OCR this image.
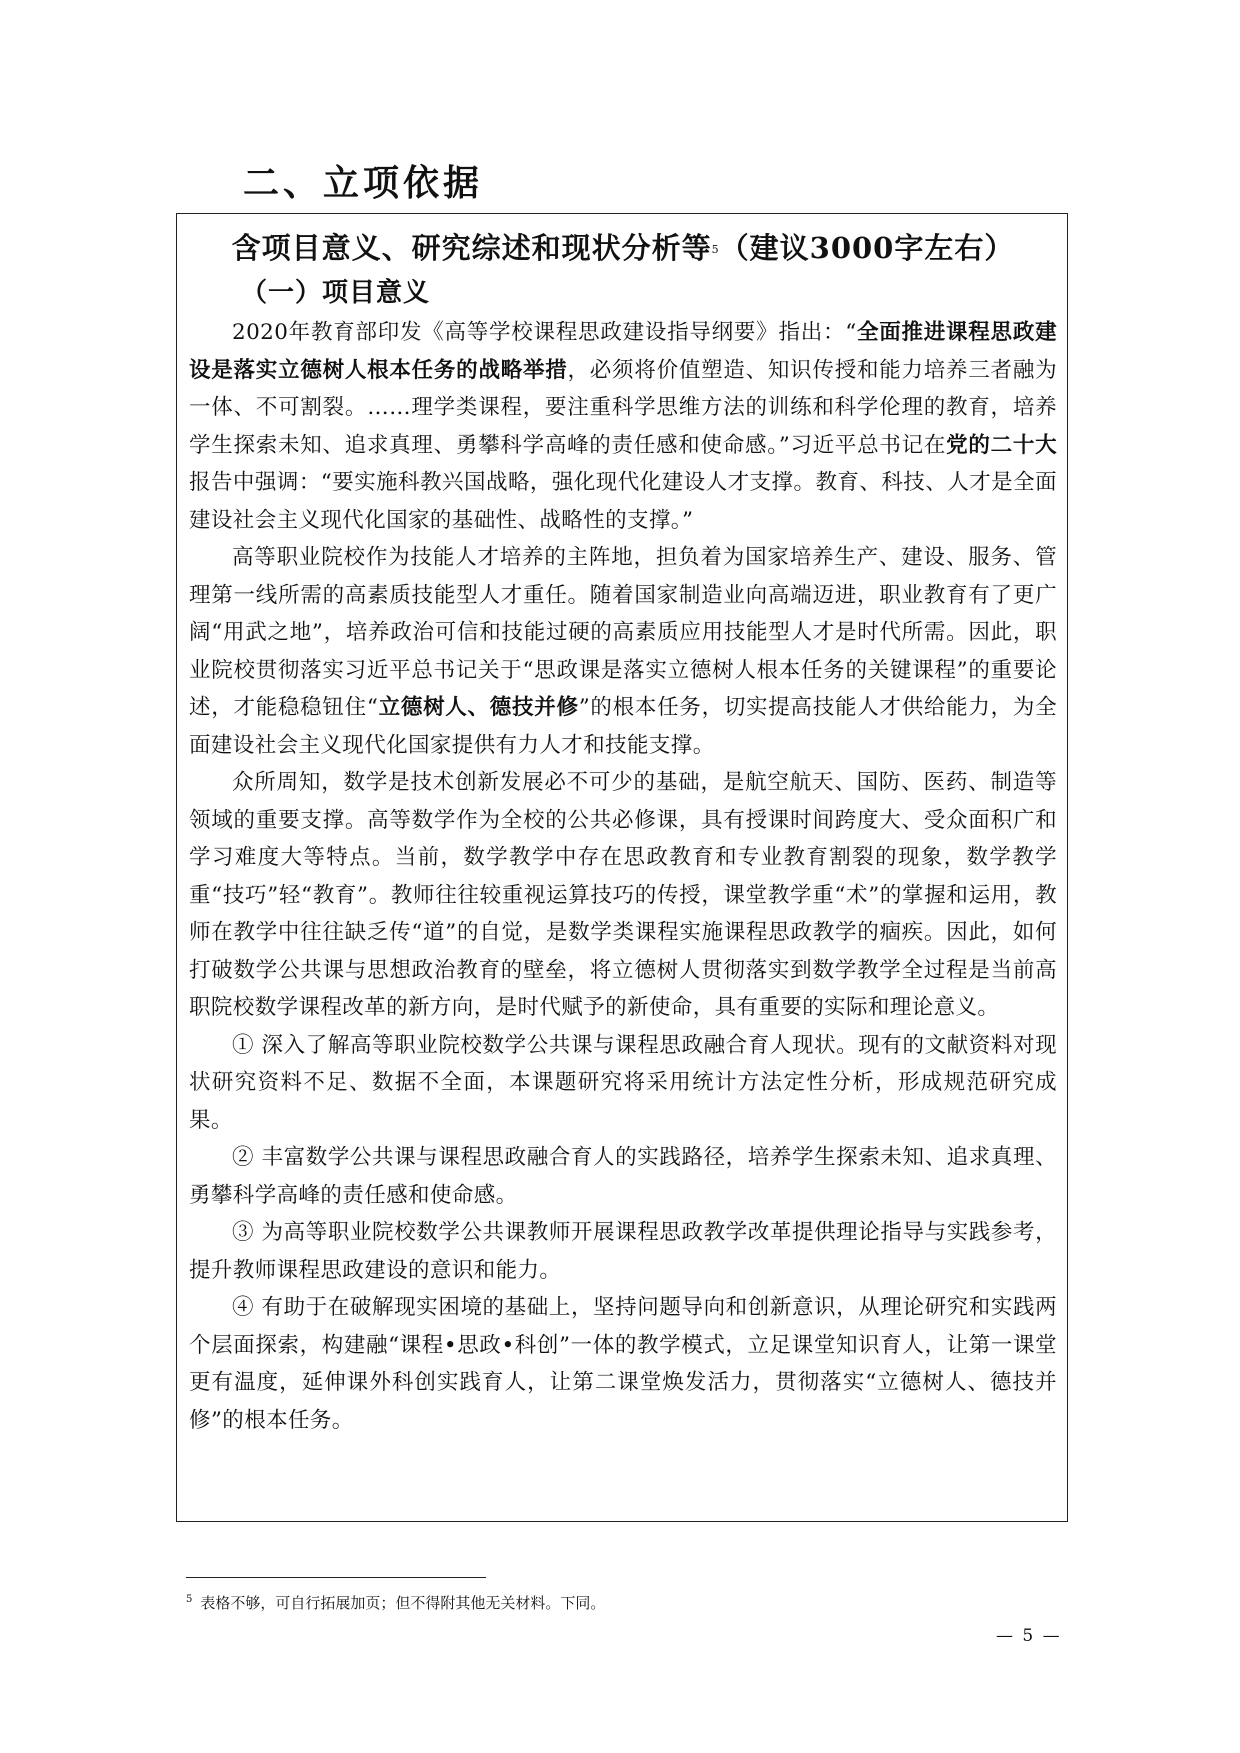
二、立项依据
含项目意义、研究综述和现状分析等$^5$（建议3000字左右）
（一）项目意义

2020年教育部印发《高等学校课程思政建设指导纲要》指出：“全面推进课程思政建设是落实立德树人根本任务的战略举措，必须将价值塑造、知识传授和能力培养三者融为一体、不可割裂。……理学类课程，要注重科学思维方法的训练和科学伦理的教育，培养学生探索未知、追求真理、勇攀科学高峰的责任感和使命感。”习近平总书记在党的二十大报告中强调：“要实施科教兴国战略，强化现代化建设人才支撑。教育、科技、人才是全面建设社会主义现代化国家的基础性、战略性的支撑。”

高等职业院校作为技能人才培养的主阵地，担负着为国家培养生产、建设、服务、管理第一线所需的高素质技能型人才重任。随着国家制造业向高端迈进，职业教育有了更广阔“用武之地”，培养政治可信和技能过硬的高素质应用技能型人才是时代所需。因此，职业院校贯彻落实习近平总书记关于“思政课是落实立德树人根本任务的关键课程”的重要论述，才能稳稳钮住“立德树人、德技并修”的根本任务，切实提高技能人才供给能力，为全面建设社会主义现代化国家提供有力人才和技能支撑。

众所周知，数学是技术创新发展必不可少的基础，是航空航天、国防、医药、制造等领域的重要支撑。高等数学作为全校的公共必修课，具有授课时间跨度大、受众面积广和学习难度大等特点。当前，数学教学中存在思政教育和专业教育割裂的现象，数学教学重“技巧”轻“教育”。教师往往较重视运算技巧的传授，课堂教学重“术”的掌握和运用，教师在教学中往往缺乏传“道”的自觉，是数学类课程实施课程思政教学的痼疾。因此，如何打破数学公共课与思想政治教育的壁垒，将立德树人贯彻落实到数学教学全过程是当前高职院校数学课程改革的新方向，是时代赋予的新使命，具有重要的实际和理论意义。

① 深入了解高等职业院校数学公共课与课程思政融合育人现状。现有的文献资料对现状研究资料不足、数据不全面，本课题研究将采用统计方法定性分析，形成规范研究成果。

② 丰富数学公共课与课程思政融合育人的实践路径，培养学生探索未知、追求真理、勇攀科学高峰的责任感和使命感。

③ 为高等职业院校数学公共课教师开展课程思政教学改革提供理论指导与实践参考，提升教师课程思政建设的意识和能力。

④ 有助于在破解现实困境的基础上，坚持问题导向和创新意识，从理论研究和实践两个层面探索，构建融“课程•思政•科创”一体的教学模式，立足课堂知识育人，让第一课堂更有温度，延伸课外科创实践育人，让第二课堂焕发活力，贯彻落实“立德树人、德技并修”的根本任务。

$^5$ 表格不够，可自行拓展加页；但不得附其他无关材料。下同。

— 5 —
